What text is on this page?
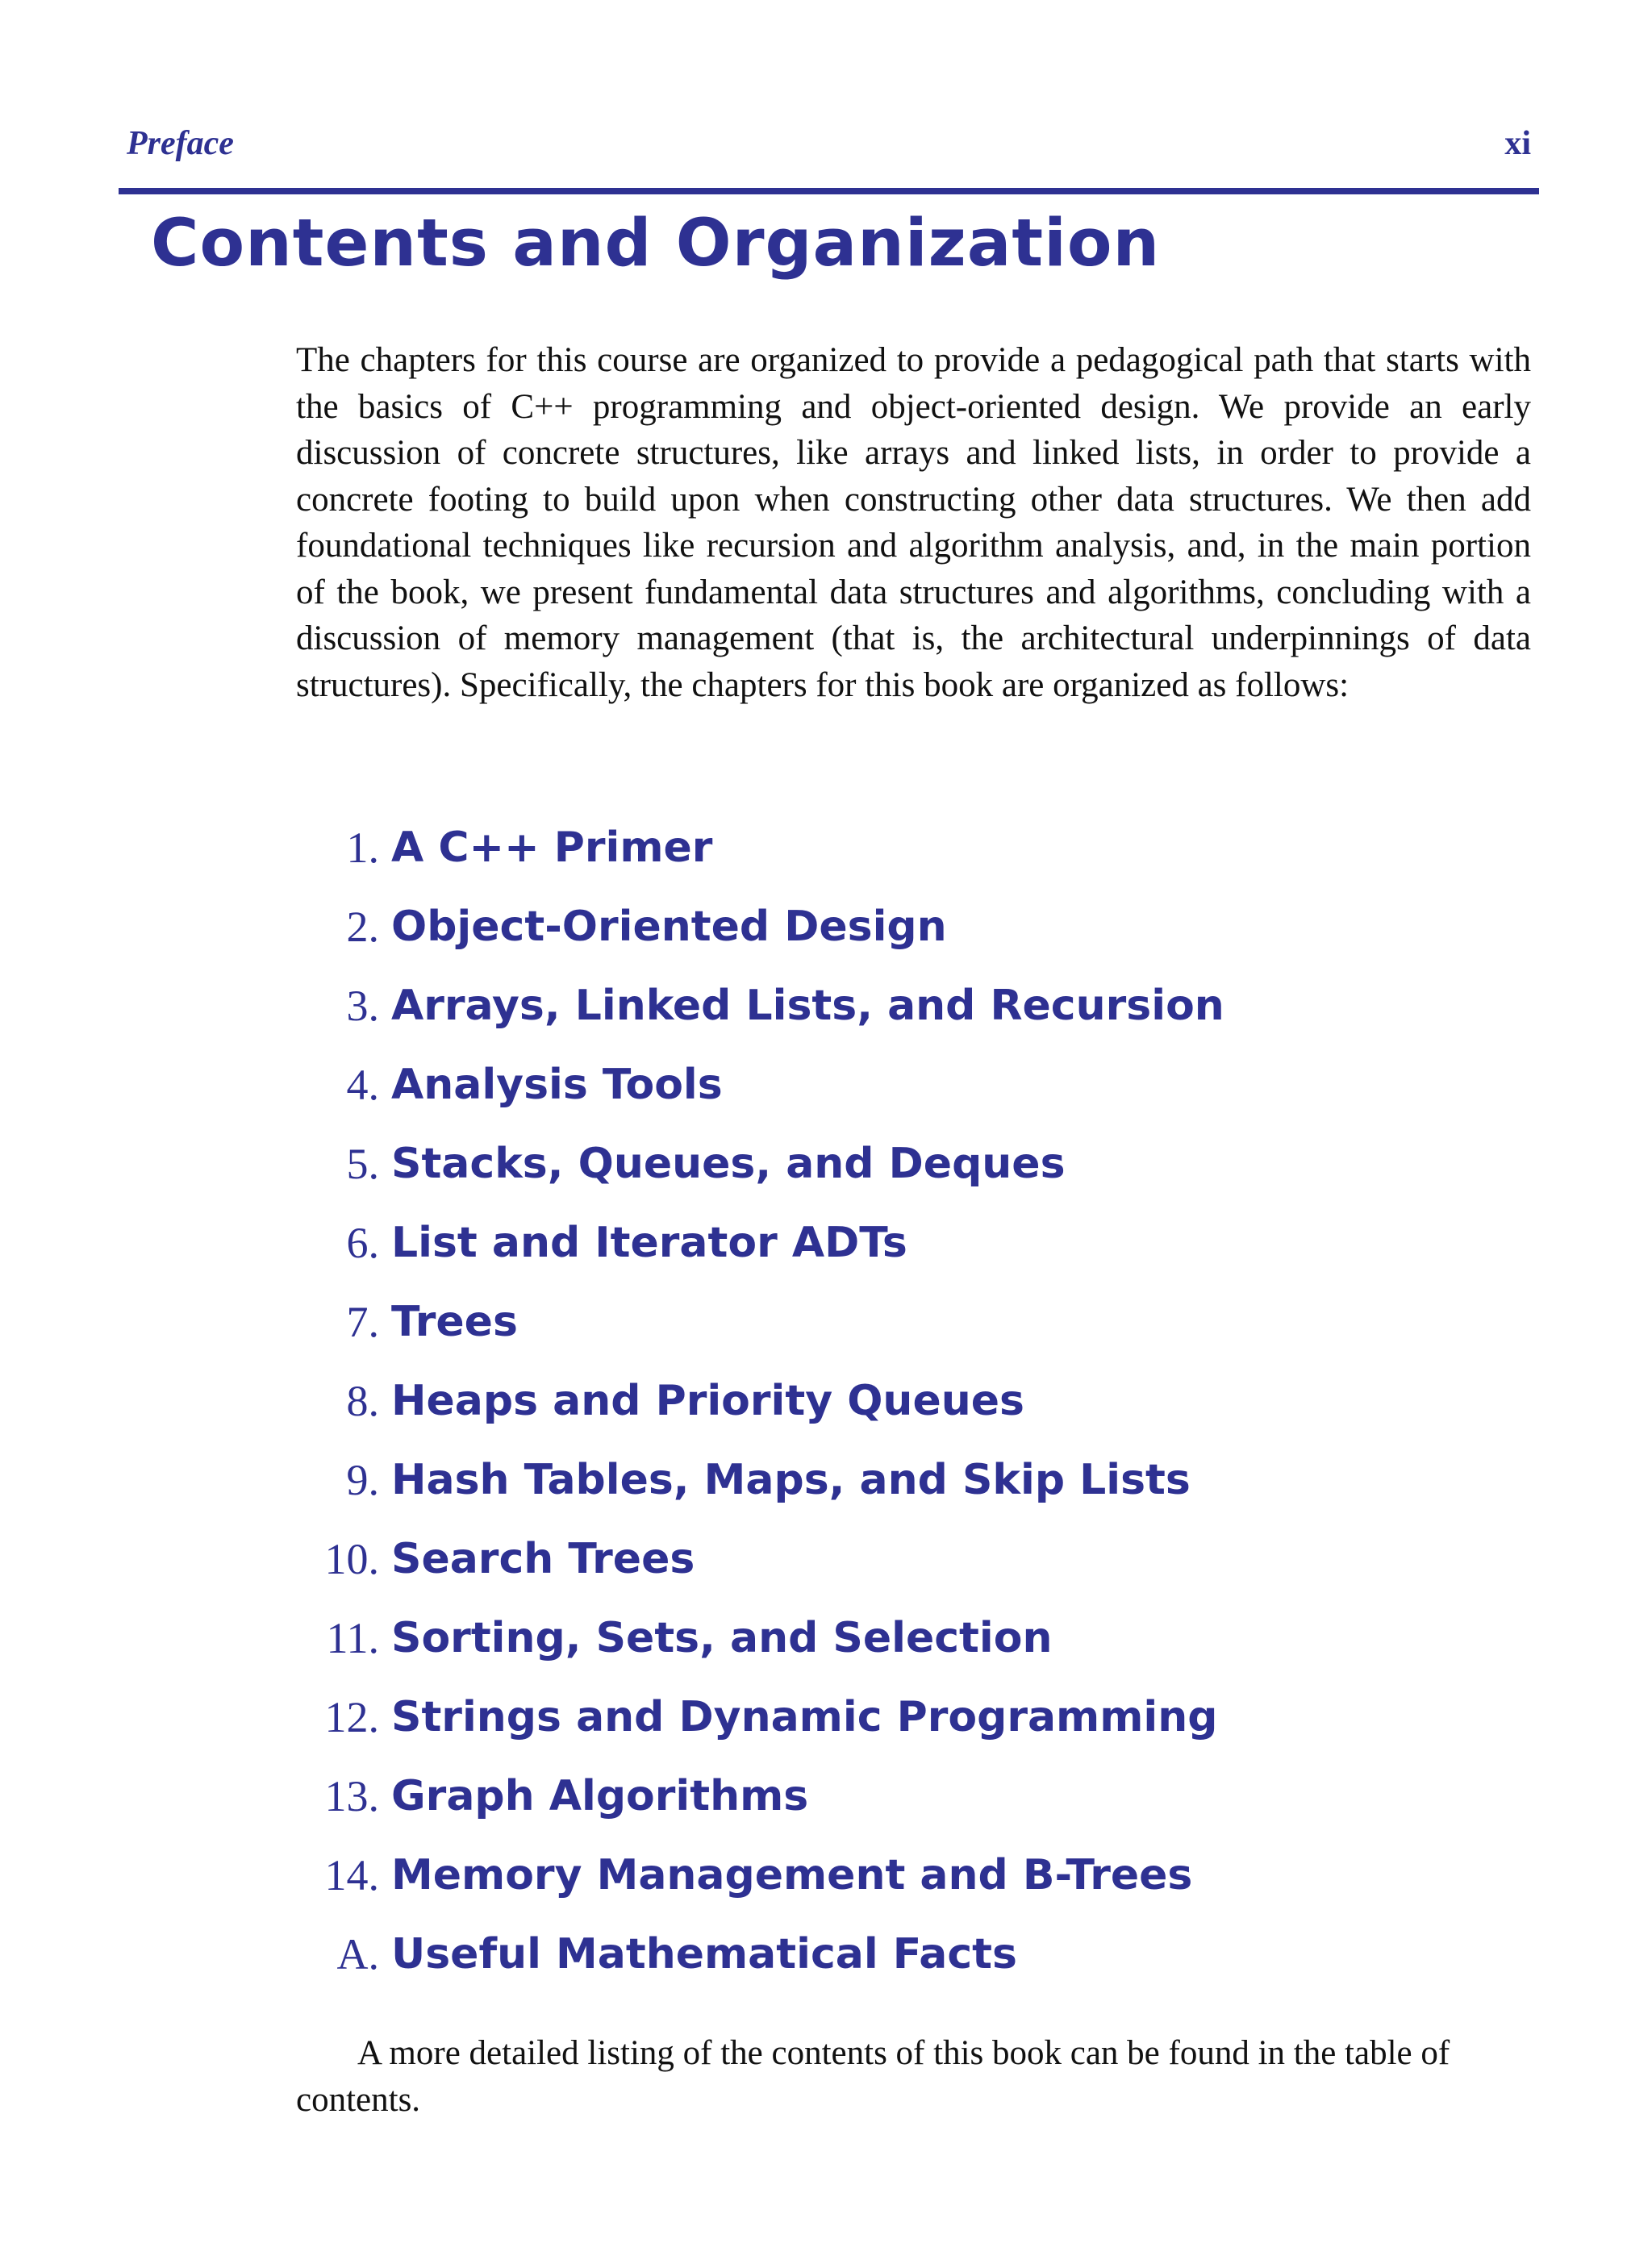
Preface	xi
Contents and Organization

The chapters for this course are organized to provide a pedagogical path that starts with the basics of C++ programming and object-oriented design. We provide an early discussion of concrete structures, like arrays and linked lists, in order to provide a concrete footing to build upon when constructing other data structures. We then add foundational techniques like recursion and algorithm analysis, and, in the main portion of the book, we present fundamental data structures and algorithms, concluding with a discussion of memory management (that is, the architectural underpinnings of data structures). Specifically, the chapters for this book are organized as follows:

1. A C++ Primer
2. Object-Oriented Design
3. Arrays, Linked Lists, and Recursion
4. Analysis Tools
5. Stacks, Queues, and Deques
6. List and Iterator ADTs
7. Trees
8. Heaps and Priority Queues
9. Hash Tables, Maps, and Skip Lists
10. Search Trees
11. Sorting, Sets, and Selection
12. Strings and Dynamic Programming
13. Graph Algorithms
14. Memory Management and B-Trees
A. Useful Mathematical Facts

A more detailed listing of the contents of this book can be found in the table of contents.
